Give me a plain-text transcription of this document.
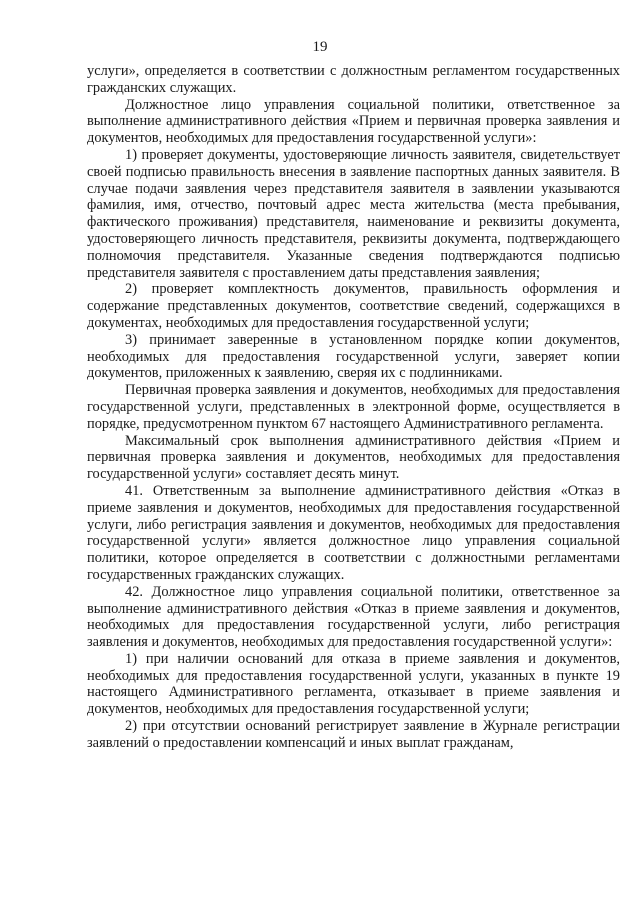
19

услуги», определяется в соответствии с должностным регламентом государственных гражданских служащих.

Должностное лицо управления социальной политики, ответственное за выполнение административного действия «Прием и первичная проверка заявления и документов, необходимых для предоставления государственной услуги»:

1) проверяет документы, удостоверяющие личность заявителя, свидетельствует своей подписью правильность внесения в заявление паспортных данных заявителя. В случае подачи заявления через представителя заявителя в заявлении указываются фамилия, имя, отчество, почтовый адрес места жительства (места пребывания, фактического проживания) представителя, наименование и реквизиты документа, удостоверяющего личность представителя, реквизиты документа, подтверждающего полномочия представителя. Указанные сведения подтверждаются подписью представителя заявителя с проставлением даты представления заявления;

2) проверяет комплектность документов, правильность оформления и содержание представленных документов, соответствие сведений, содержащихся в документах, необходимых для предоставления государственной услуги;

3) принимает заверенные в установленном порядке копии документов, необходимых для предоставления государственной услуги, заверяет копии документов, приложенных к заявлению, сверяя их с подлинниками.

Первичная проверка заявления и документов, необходимых для предоставления государственной услуги, представленных в электронной форме, осуществляется в порядке, предусмотренном пунктом 67 настоящего Административного регламента.

Максимальный срок выполнения административного действия «Прием и первичная проверка заявления и документов, необходимых для предоставления государственной услуги» составляет десять минут.

41. Ответственным за выполнение административного действия «Отказ в приеме заявления и документов, необходимых для предоставления государственной услуги, либо регистрация заявления и документов, необходимых для предоставления государственной услуги» является должностное лицо управления социальной политики, которое определяется в соответствии с должностными регламентами государственных гражданских служащих.

42. Должностное лицо управления социальной политики, ответственное за выполнение административного действия «Отказ в приеме заявления и документов, необходимых для предоставления государственной услуги, либо регистрация заявления и документов, необходимых для предоставления государственной услуги»:

1) при наличии оснований для отказа в приеме заявления и документов, необходимых для предоставления государственной услуги, указанных в пункте 19 настоящего Административного регламента, отказывает в приеме заявления и документов, необходимых для предоставления государственной услуги;

2) при отсутствии оснований регистрирует заявление в Журнале регистрации заявлений о предоставлении компенсаций и иных выплат гражданам,
